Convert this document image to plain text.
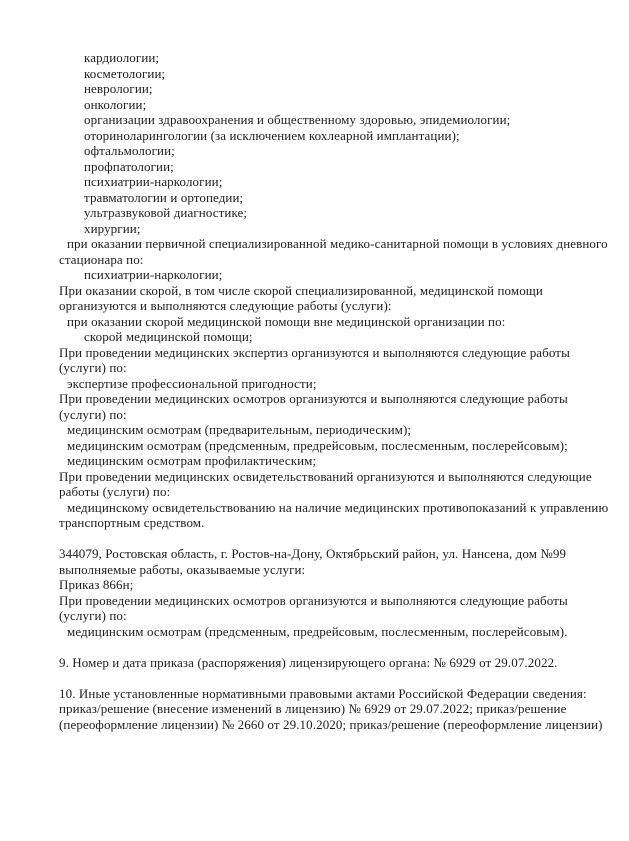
кардиологии;
косметологии;
неврологии;
онкологии;
организации здравоохранения и общественному здоровью, эпидемиологии;
оториноларингологии (за исключением кохлеарной имплантации);
офтальмологии;
профпатологии;
психиатрии-наркологии;
травматологии и ортопедии;
ультразвуковой диагностике;
хирургии;
при оказании первичной специализированной медико-санитарной помощи в условиях дневного
стационара по:
психиатрии-наркологии;
При оказании скорой, в том числе скорой специализированной, медицинской помощи
организуются и выполняются следующие работы (услуги):
при оказании скорой медицинской помощи вне медицинской организации по:
скорой медицинской помощи;
При проведении медицинских экспертиз организуются и выполняются следующие работы
(услуги) по:
экспертизе профессиональной пригодности;
При проведении медицинских осмотров организуются и выполняются следующие работы
(услуги) по:
медицинским осмотрам (предварительным, периодическим);
медицинским осмотрам (предсменным, предрейсовым, послесменным, послерейсовым);
медицинским осмотрам профилактическим;
При проведении медицинских освидетельствований организуются и выполняются следующие
работы (услуги) по:
медицинскому освидетельствованию на наличие медицинских противопоказаний к управлению
транспортным средством.
344079, Ростовская область, г. Ростов-на-Дону, Октябрьский район, ул. Нансена, дом №99
выполняемые работы, оказываемые услуги:
Приказ 866н;
При проведении медицинских осмотров организуются и выполняются следующие работы
(услуги) по:
медицинским осмотрам (предсменным, предрейсовым, послесменным, послерейсовым).
9. Номер и дата приказа (распоряжения) лицензирующего органа: № 6929 от 29.07.2022.
10. Иные установленные нормативными правовыми актами Российской Федерации сведения:
приказ/решение (внесение изменений в лицензию) № 6929 от 29.07.2022; приказ/решение
(переоформление лицензии) № 2660 от 29.10.2020; приказ/решение (переоформление лицензии)
